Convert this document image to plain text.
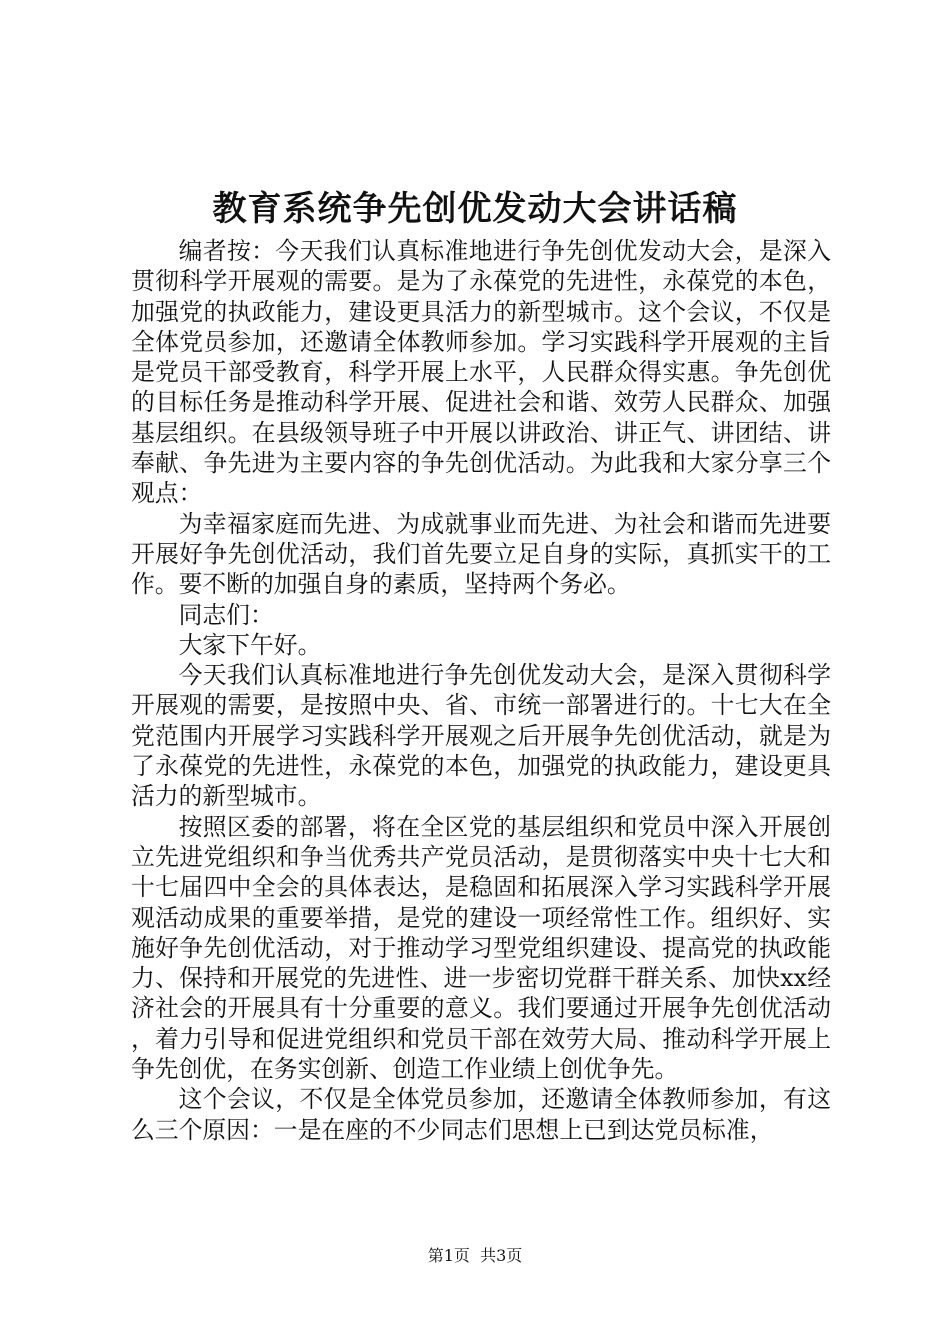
教育系统争先创优发动大会讲话稿

编者按：今天我们认真标准地进行争先创优发动大会，是深入贯彻科学开展观的需要。是为了永葆党的先进性，永葆党的本色，加强党的执政能力，建设更具活力的新型城市。这个会议，不仅是全体党员参加，还邀请全体教师参加。学习实践科学开展观的主旨是党员干部受教育，科学开展上水平，人民群众得实惠。争先创优的目标任务是推动科学开展、促进社会和谐、效劳人民群众、加强基层组织。在县级领导班子中开展以讲政治、讲正气、讲团结、讲奉献、争先进为主要内容的争先创优活动。为此我和大家分享三个观点：

为幸福家庭而先进、为成就事业而先进、为社会和谐而先进要开展好争先创优活动，我们首先要立足自身的实际，真抓实干的工作。要不断的加强自身的素质，坚持两个务必。

同志们：

大家下午好。

今天我们认真标准地进行争先创优发动大会，是深入贯彻科学开展观的需要，是按照中央、省、市统一部署进行的。十七大在全党范围内开展学习实践科学开展观之后开展争先创优活动，就是为了永葆党的先进性，永葆党的本色，加强党的执政能力，建设更具活力的新型城市。

按照区委的部署，将在全区党的基层组织和党员中深入开展创立先进党组织和争当优秀共产党员活动，是贯彻落实中央十七大和十七届四中全会的具体表达，是稳固和拓展深入学习实践科学开展观活动成果的重要举措，是党的建设一项经常性工作。组织好、实施好争先创优活动，对于推动学习型党组织建设、提高党的执政能力、保持和开展党的先进性、进一步密切党群干群关系、加快xx经济社会的开展具有十分重要的意义。我们要通过开展争先创优活动，着力引导和促进党组织和党员干部在效劳大局、推动科学开展上争先创优，在务实创新、创造工作业绩上创优争先。

这个会议，不仅是全体党员参加，还邀请全体教师参加，有这么三个原因：一是在座的不少同志们思想上已到达党员标准，

第1页 共3页
